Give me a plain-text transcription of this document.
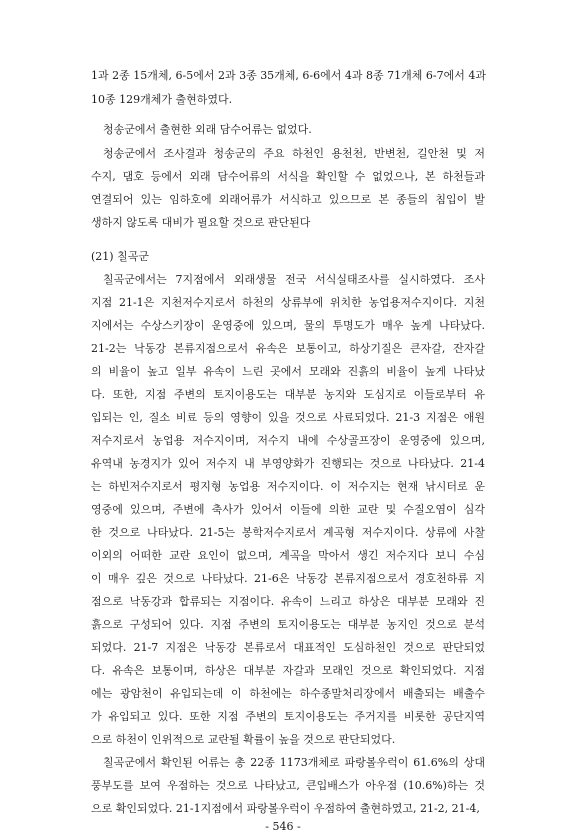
1과 2종 15개체, 6-5에서 2과 3종 35개체, 6-6에서 4과 8종 71개체 6-7에서 4과
10종 129개체가 출현하였다.
청송군에서 출현한 외래 담수어류는 없었다.
청송군에서 조사결과 청송군의 주요 하천인 용천천, 반변천, 길안천 및 저
수지, 댐호 등에서 외래 담수어류의 서식을 확인할 수 없었으나, 본 하천들과
연결되어 있는 임하호에 외래어류가 서식하고 있으므로 본 종들의 침입이 발
생하지 않도록 대비가 필요할 것으로 판단된다
(21) 칠곡군
칠곡군에서는 7지점에서 외래생물 전국 서식실태조사를 실시하였다. 조사
지점 21-1은 지천저수지로서 하천의 상류부에 위치한 농업용저수지이다. 지천
지에서는 수상스키장이 운영중에 있으며, 물의 투명도가 매우 높게 나타났다.
21-2는 낙동강 본류지점으로서 유속은 보통이고, 하상기질은 큰자갈, 잔자갈
의 비율이 높고 일부 유속이 느린 곳에서 모래와 진흙의 비율이 높게 나타났
다. 또한, 지점 주변의 토지이용도는 대부분 농지와 도심지로 이들로부터 유
입되는 인, 질소 비료 등의 영향이 있을 것으로 사료되었다. 21-3 지점은 애원
저수지로서 농업용 저수지이며, 저수지 내에 수상골프장이 운영중에 있으며,
유역내 농경지가 있어 저수지 내 부영양화가 진행되는 것으로 나타났다. 21-4
는 하빈저수지로서 평지형 농업용 저수지이다. 이 저수지는 현재 낚시터로 운
영중에 있으며, 주변에 축사가 있어서 이들에 의한 교란 및 수질오염이 심각
한 것으로 나타났다. 21-5는 봉학저수지로서 계곡형 저수지이다. 상류에 사찰
이외의 어떠한 교란 요인이 없으며, 계곡을 막아서 생긴 저수지다 보니 수심
이 매우 깊은 것으로 나타났다. 21-6은 낙동강 본류지점으로서 경호천하류 지
점으로 낙동강과 합류되는 지점이다. 유속이 느리고 하상은 대부분 모래와 진
흙으로 구성되어 있다. 지점 주변의 토지이용도는 대부분 농지인 것으로 분석
되었다. 21-7 지점은 낙동강 본류로서 대표적인 도심하천인 것으로 판단되었
다. 유속은 보통이며, 하상은 대부분 자갈과 모래인 것으로 확인되었다. 지점
에는 광암천이 유입되는데 이 하천에는 하수종말처리장에서 배출되는 배출수
가 유입되고 있다. 또한 지점 주변의 토지이용도는 주거지를 비롯한 공단지역
으로 하천이 인위적으로 교란될 확률이 높을 것으로 판단되었다.
칠곡군에서 확인된 어류는 총 22종 1173개체로 파랑볼우럭이 61.6%의 상대
풍부도를 보여 우점하는 것으로 나타났고, 큰입배스가 아우점 (10.6%)하는 것
으로 확인되었다. 21-1지점에서 파랑볼우럭이 우점하여 출현하였고, 21-2, 21-4,
- 546 -
